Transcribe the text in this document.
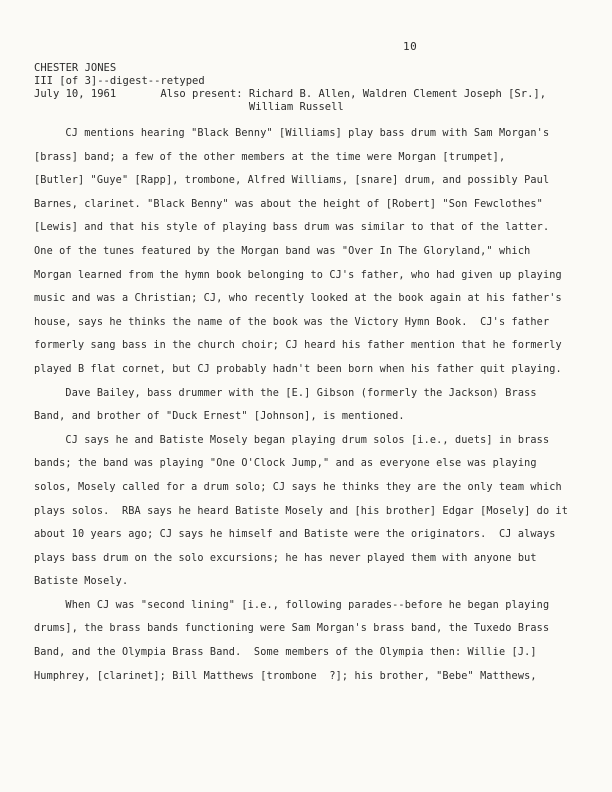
10
CHESTER JONES
III [of 3]--digest--retyped
July 10, 1961       Also present: Richard B. Allen, Waldren Clement Joseph [Sr.],
William Russell
CJ mentions hearing "Black Benny" [Williams] play bass drum with Sam Morgan's
[brass] band; a few of the other members at the time were Morgan [trumpet],
[Butler] "Guye" [Rapp], trombone, Alfred Williams, [snare] drum, and possibly Paul
Barnes, clarinet. "Black Benny" was about the height of [Robert] "Son Fewclothes"
[Lewis] and that his style of playing bass drum was similar to that of the latter.
One of the tunes featured by the Morgan band was "Over In The Gloryland," which
Morgan learned from the hymn book belonging to CJ's father, who had given up playing
music and was a Christian; CJ, who recently looked at the book again at his father's
house, says he thinks the name of the book was the Victory Hymn Book.  CJ's father
formerly sang bass in the church choir; CJ heard his father mention that he formerly
played B flat cornet, but CJ probably hadn't been born when his father quit playing.
Dave Bailey, bass drummer with the [E.] Gibson (formerly the Jackson) Brass
Band, and brother of "Duck Ernest" [Johnson], is mentioned.
CJ says he and Batiste Mosely began playing drum solos [i.e., duets] in brass
bands; the band was playing "One O'Clock Jump," and as everyone else was playing
solos, Mosely called for a drum solo; CJ says he thinks they are the only team which
plays solos.  RBA says he heard Batiste Mosely and [his brother] Edgar [Mosely] do it
about 10 years ago; CJ says he himself and Batiste were the originators.  CJ always
plays bass drum on the solo excursions; he has never played them with anyone but
Batiste Mosely.
When CJ was "second lining" [i.e., following parades--before he began playing
drums], the brass bands functioning were Sam Morgan's brass band, the Tuxedo Brass
Band, and the Olympia Brass Band.  Some members of the Olympia then: Willie [J.]
Humphrey, [clarinet]; Bill Matthews [trombone  ?]; his brother, "Bebe" Matthews,
